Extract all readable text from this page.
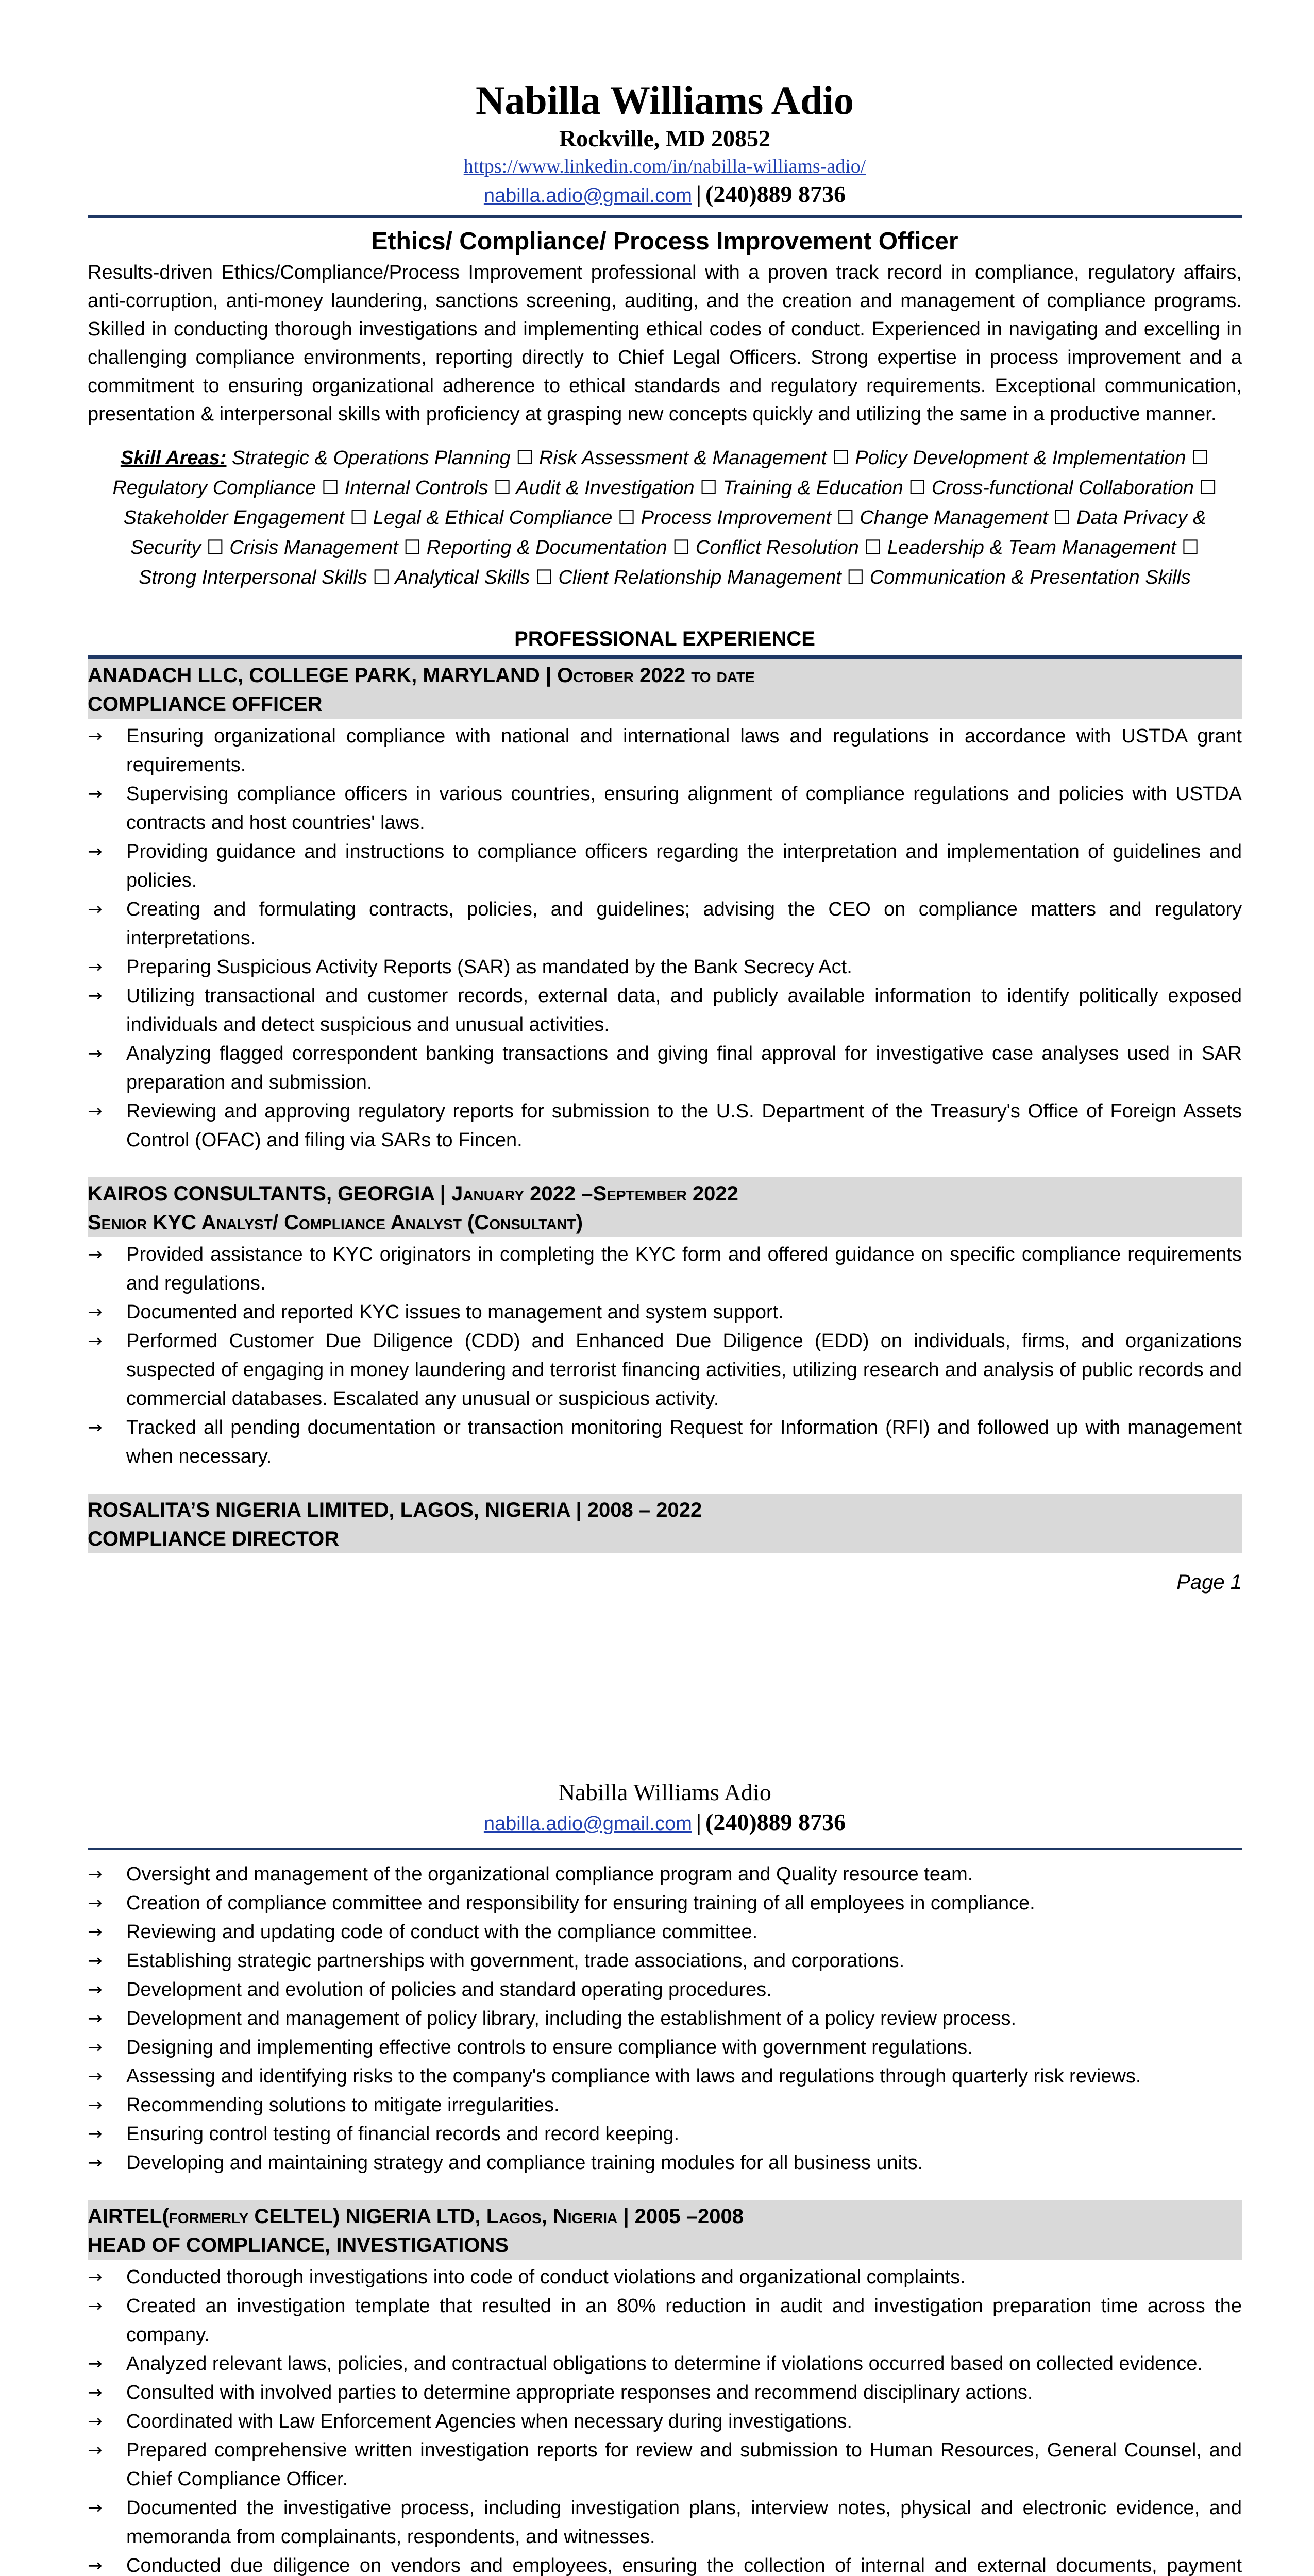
Nabilla Williams Adio
Rockville, MD 20852
https://www.linkedin.com/in/nabilla-williams-adio/
nabilla.adio@gmail.com | (240)889 8736
Ethics/ Compliance/ Process Improvement Officer
Results-driven Ethics/Compliance/Process Improvement professional with a proven track record in compliance, regulatory affairs, anti-corruption, anti-money laundering, sanctions screening, auditing, and the creation and management of compliance programs. Skilled in conducting thorough investigations and implementing ethical codes of conduct. Experienced in navigating and excelling in challenging compliance environments, reporting directly to Chief Legal Officers. Strong expertise in process improvement and a commitment to ensuring organizational adherence to ethical standards and regulatory requirements. Exceptional communication, presentation & interpersonal skills with proficiency at grasping new concepts quickly and utilizing the same in a productive manner.
Skill Areas: Strategic & Operations Planning ☐ Risk Assessment & Management ☐ Policy Development & Implementation ☐ Regulatory Compliance ☐ Internal Controls ☐ Audit & Investigation ☐ Training & Education ☐ Cross-functional Collaboration ☐ Stakeholder Engagement ☐ Legal & Ethical Compliance ☐ Process Improvement ☐ Change Management ☐ Data Privacy & Security ☐ Crisis Management ☐ Reporting & Documentation ☐ Conflict Resolution ☐ Leadership & Team Management ☐ Strong Interpersonal Skills ☐ Analytical Skills ☐ Client Relationship Management ☐ Communication & Presentation Skills
PROFESSIONAL EXPERIENCE
ANADACH LLC, COLLEGE PARK, MARYLAND | October 2022 to date
COMPLIANCE OFFICER
→ Ensuring organizational compliance with national and international laws and regulations in accordance with USTDA grant requirements.
→ Supervising compliance officers in various countries, ensuring alignment of compliance regulations and policies with USTDA contracts and host countries' laws.
→ Providing guidance and instructions to compliance officers regarding the interpretation and implementation of guidelines and policies.
→ Creating and formulating contracts, policies, and guidelines; advising the CEO on compliance matters and regulatory interpretations.
→ Preparing Suspicious Activity Reports (SAR) as mandated by the Bank Secrecy Act.
→ Utilizing transactional and customer records, external data, and publicly available information to identify politically exposed individuals and detect suspicious and unusual activities.
→ Analyzing flagged correspondent banking transactions and giving final approval for investigative case analyses used in SAR preparation and submission.
→ Reviewing and approving regulatory reports for submission to the U.S. Department of the Treasury's Office of Foreign Assets Control (OFAC) and filing via SARs to Fincen.
KAIROS CONSULTANTS, GEORGIA | January 2022 –September 2022
Senior KYC Analyst/ Compliance Analyst (Consultant)
→ Provided assistance to KYC originators in completing the KYC form and offered guidance on specific compliance requirements and regulations.
→ Documented and reported KYC issues to management and system support.
→ Performed Customer Due Diligence (CDD) and Enhanced Due Diligence (EDD) on individuals, firms, and organizations suspected of engaging in money laundering and terrorist financing activities, utilizing research and analysis of public records and commercial databases. Escalated any unusual or suspicious activity.
→ Tracked all pending documentation or transaction monitoring Request for Information (RFI) and followed up with management when necessary.
ROSALITA’S NIGERIA LIMITED, LAGOS, NIGERIA | 2008 – 2022
COMPLIANCE DIRECTOR
Page 1
Nabilla Williams Adio
nabilla.adio@gmail.com | (240)889 8736
→ Oversight and management of the organizational compliance program and Quality resource team.
→ Creation of compliance committee and responsibility for ensuring training of all employees in compliance.
→ Reviewing and updating code of conduct with the compliance committee.
→ Establishing strategic partnerships with government, trade associations, and corporations.
→ Development and evolution of policies and standard operating procedures.
→ Development and management of policy library, including the establishment of a policy review process.
→ Designing and implementing effective controls to ensure compliance with government regulations.
→ Assessing and identifying risks to the company's compliance with laws and regulations through quarterly risk reviews.
→ Recommending solutions to mitigate irregularities.
→ Ensuring control testing of financial records and record keeping.
→ Developing and maintaining strategy and compliance training modules for all business units.
AIRTEL(formerly CELTEL) NIGERIA LTD, Lagos, Nigeria | 2005 –2008
HEAD OF COMPLIANCE, INVESTIGATIONS
→ Conducted thorough investigations into code of conduct violations and organizational complaints.
→ Created an investigation template that resulted in an 80% reduction in audit and investigation preparation time across the company.
→ Analyzed relevant laws, policies, and contractual obligations to determine if violations occurred based on collected evidence.
→ Consulted with involved parties to determine appropriate responses and recommend disciplinary actions.
→ Coordinated with Law Enforcement Agencies when necessary during investigations.
→ Prepared comprehensive written investigation reports for review and submission to Human Resources, General Counsel, and Chief Compliance Officer.
→ Documented the investigative process, including investigation plans, interview notes, physical and electronic evidence, and memoranda from complainants, respondents, and witnesses.
→ Conducted due diligence on vendors and employees, ensuring the collection of internal and external documents, payment
